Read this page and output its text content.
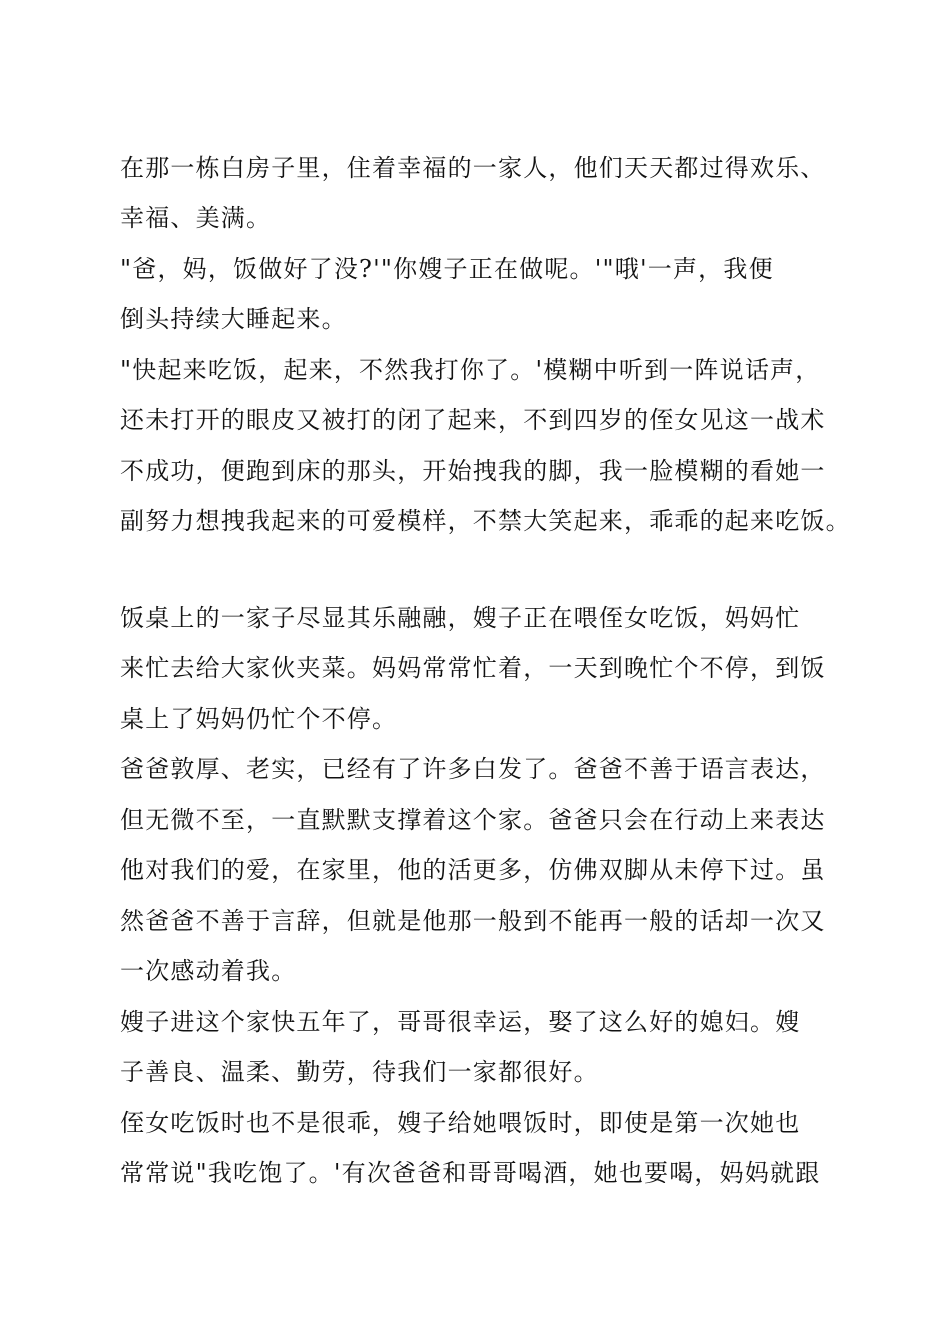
在那一栋白房子里，住着幸福的一家人，他们天天都过得欢乐、
幸福、美满。
"爸，妈，饭做好了没?'"你嫂子正在做呢。'"哦'一声，我便
倒头持续大睡起来。
"快起来吃饭，起来，不然我打你了。'模糊中听到一阵说话声，
还未打开的眼皮又被打的闭了起来，不到四岁的侄女见这一战术
不成功，便跑到床的那头，开始拽我的脚，我一脸模糊的看她一
副努力想拽我起来的可爱模样，不禁大笑起来，乖乖的起来吃饭。
饭桌上的一家子尽显其乐融融，嫂子正在喂侄女吃饭，妈妈忙
来忙去给大家伙夹菜。妈妈常常忙着，一天到晚忙个不停，到饭
桌上了妈妈仍忙个不停。
爸爸敦厚、老实，已经有了许多白发了。爸爸不善于语言表达，
但无微不至，一直默默支撑着这个家。爸爸只会在行动上来表达
他对我们的爱，在家里，他的活更多，仿佛双脚从未停下过。虽
然爸爸不善于言辞，但就是他那一般到不能再一般的话却一次又
一次感动着我。
嫂子进这个家快五年了，哥哥很幸运，娶了这么好的媳妇。嫂
子善良、温柔、勤劳，待我们一家都很好。
侄女吃饭时也不是很乖，嫂子给她喂饭时，即使是第一次她也
常常说"我吃饱了。'有次爸爸和哥哥喝酒，她也要喝，妈妈就跟
